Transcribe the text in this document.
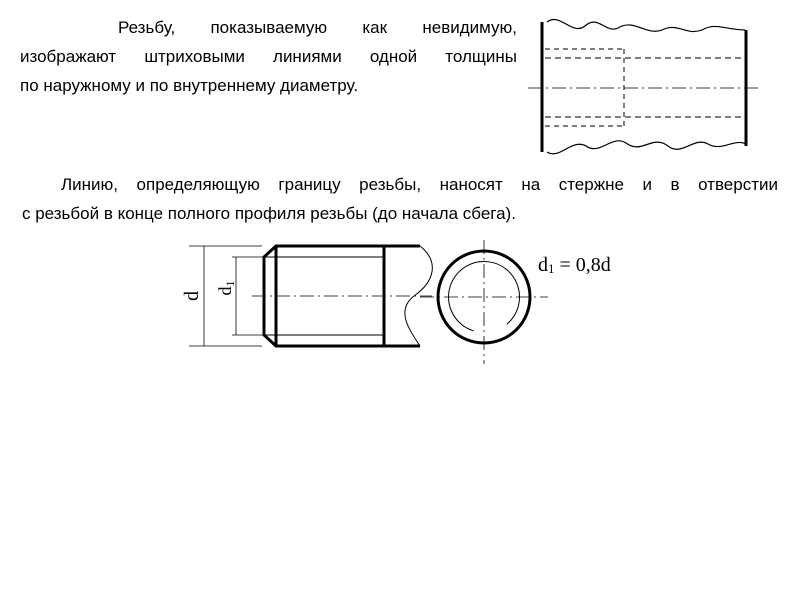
Резьбу, показываемую как невидимую,
изображают штриховыми линиями одной толщины
по наружному и по внутреннему диаметру.
Линию, определяющую границу резьбы, наносят на стержне и в отверстии
с резьбой в конце полного профиля резьбы (до начала сбега).
d d1
d1 = 0,8d
